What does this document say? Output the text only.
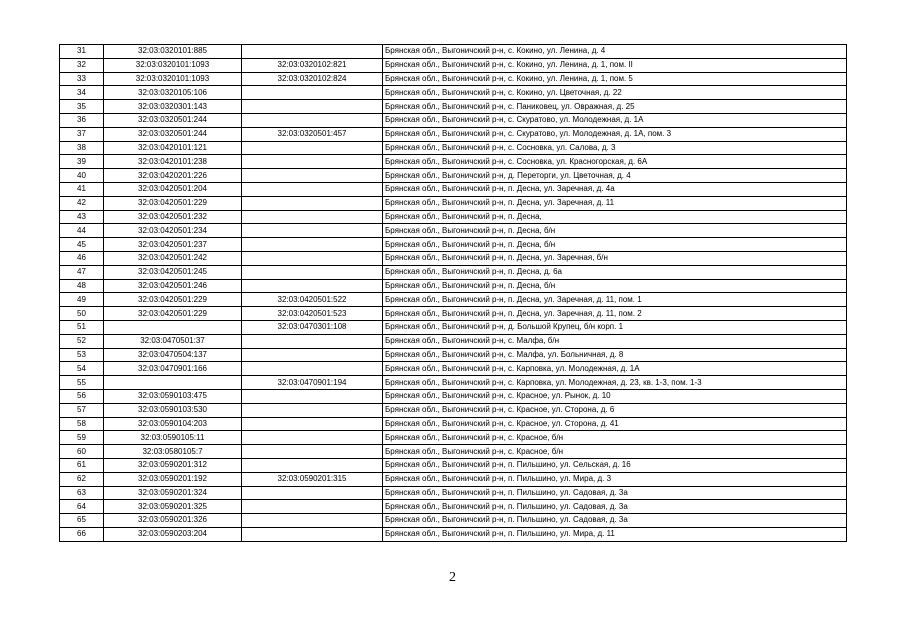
31	32:03:0320101:885		Брянская обл., Выгоничский р-н, с. Кокино, ул. Ленина, д. 4
32	32:03:0320101:1093	32:03:0320102:821	Брянская обл., Выгоничский р-н, с. Кокино, ул. Ленина, д. 1, пом. II
33	32:03:0320101:1093	32:03:0320102:824	Брянская обл., Выгоничский р-н, с. Кокино, ул. Ленина, д. 1, пом. 5
34	32:03:0320105:106		Брянская обл., Выгоничский р-н, с. Кокино, ул. Цветочная, д. 22
35	32:03:0320301:143		Брянская обл., Выгоничский р-н, с. Паниковец, ул. Овражная, д. 25
36	32:03:0320501:244		Брянская обл., Выгоничский р-н, с. Скуратово, ул. Молодежная, д. 1А
37	32:03:0320501:244	32:03:0320501:457	Брянская обл., Выгоничский р-н, с. Скуратово, ул. Молодежная, д. 1А, пом. 3
38	32:03:0420101:121		Брянская обл., Выгоничский р-н, с. Сосновка, ул. Салова, д. 3
39	32:03:0420101:238		Брянская обл., Выгоничский р-н, с. Сосновка, ул. Красногорская, д. 6А
40	32:03:0420201:226		Брянская обл., Выгоничский р-н, д. Переторги, ул. Цветочная, д. 4
41	32:03:0420501:204		Брянская обл., Выгоничский р-н, п. Десна, ул. Заречная, д. 4а
42	32:03:0420501:229		Брянская обл., Выгоничский р-н, п. Десна, ул. Заречная, д. 11
43	32:03:0420501:232		Брянская обл., Выгоничский р-н, п. Десна,
44	32:03:0420501:234		Брянская обл., Выгоничский р-н, п. Десна, б/н
45	32:03:0420501:237		Брянская обл., Выгоничский р-н, п. Десна, б/н
46	32:03:0420501:242		Брянская обл., Выгоничский р-н, п. Десна, ул. Заречная, б/н
47	32:03:0420501:245		Брянская обл., Выгоничский р-н, п. Десна, д. 6а
48	32:03:0420501:246		Брянская обл., Выгоничский р-н, п. Десна, б/н
49	32:03:0420501:229	32:03:0420501:522	Брянская обл., Выгоничский р-н, п. Десна, ул. Заречная, д. 11, пом. 1
50	32:03:0420501:229	32:03:0420501:523	Брянская обл., Выгоничский р-н, п. Десна, ул. Заречная, д. 11, пом. 2
51		32:03:0470301:108	Брянская обл., Выгоничский р-н, д. Большой Крупец, б/н корп. 1
52	32:03:0470501:37		Брянская обл., Выгоничский р-н, с. Малфа, б/н
53	32:03:0470504:137		Брянская обл., Выгоничский р-н, с. Малфа, ул. Больничная, д. 8
54	32:03:0470901:166		Брянская обл., Выгоничский р-н, с. Карповка, ул. Молодежная, д. 1А
55		32:03:0470901:194	Брянская обл., Выгоничский р-н, с. Карповка, ул. Молодежная, д. 23, кв. 1-3, пом. 1-3
56	32:03:0590103:475		Брянская обл., Выгоничский р-н, с. Красное, ул. Рынок, д. 10
57	32:03:0590103:530		Брянская обл., Выгоничский р-н, с. Красное, ул. Сторона, д. 6
58	32:03:0590104:203		Брянская обл., Выгоничский р-н, с. Красное, ул. Сторона, д. 41
59	32:03:0590105:11		Брянская обл., Выгоничский р-н, с. Красное, б/н
60	32:03:0580105:7		Брянская обл., Выгоничский р-н, с. Красное, б/н
61	32:03:0590201:312		Брянская обл., Выгоничский р-н, п. Пильшино, ул. Сельская, д. 16
62	32:03:0590201:192	32:03:0590201:315	Брянская обл., Выгоничский р-н, п. Пильшино, ул. Мира, д. 3
63	32:03:0590201:324		Брянская обл., Выгоничский р-н, п. Пильшино, ул. Садовая, д. 3а
64	32:03:0590201:325		Брянская обл., Выгоничский р-н, п. Пильшино, ул. Садовая, д. 3а
65	32:03:0590201:326		Брянская обл., Выгоничский р-н, п. Пильшино, ул. Садовая, д. 3а
66	32:03:0590203:204		Брянская обл., Выгоничский р-н, п. Пильшино, ул. Мира, д. 11
2
